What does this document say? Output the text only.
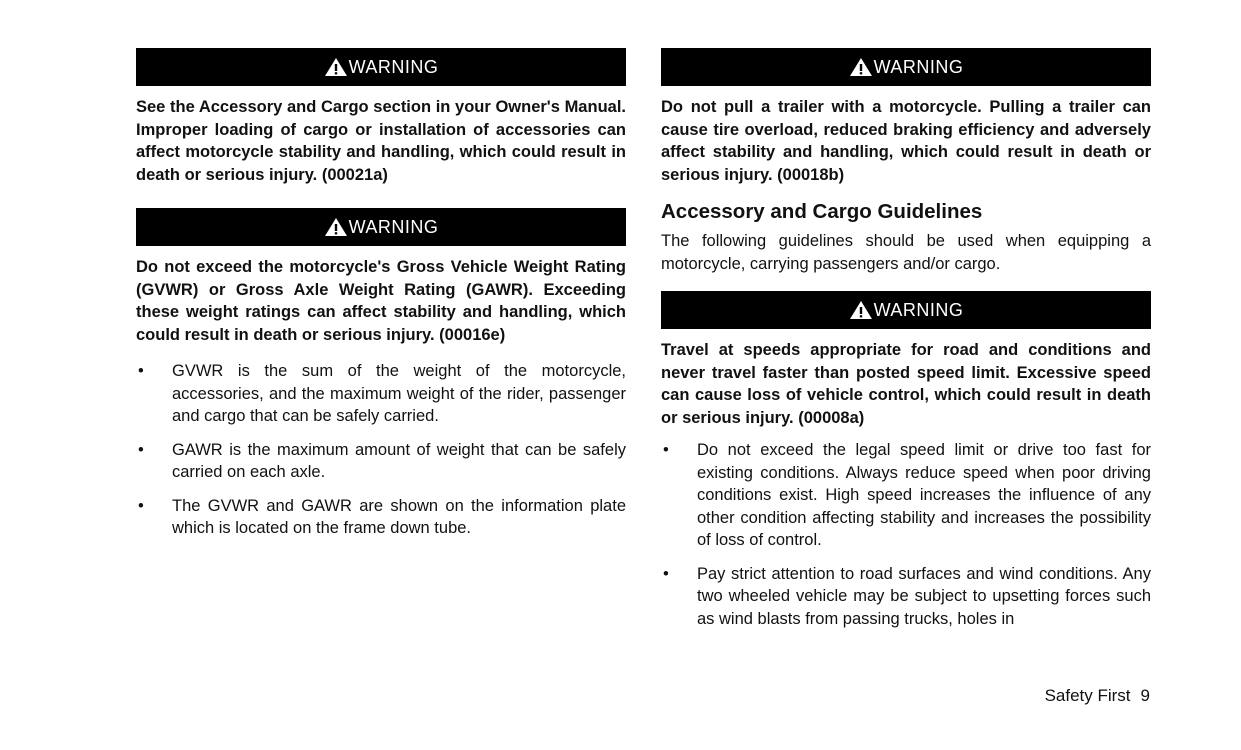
WARNING

See the Accessory and Cargo section in your Owner's Manual. Improper loading of cargo or installation of accessories can affect motorcycle stability and handling, which could result in death or serious injury. (00021a)

WARNING

Do not exceed the motorcycle's Gross Vehicle Weight Rating (GVWR) or Gross Axle Weight Rating (GAWR). Exceeding these weight ratings can affect stability and handling, which could result in death or serious injury. (00016e)

• GVWR is the sum of the weight of the motorcycle, accessories, and the maximum weight of the rider, passenger and cargo that can be safely carried.
• GAWR is the maximum amount of weight that can be safely carried on each axle.
• The GVWR and GAWR are shown on the information plate which is located on the frame down tube.
WARNING

Do not pull a trailer with a motorcycle. Pulling a trailer can cause tire overload, reduced braking efficiency and adversely affect stability and handling, which could result in death or serious injury. (00018b)

Accessory and Cargo Guidelines

The following guidelines should be used when equipping a motorcycle, carrying passengers and/or cargo.

WARNING

Travel at speeds appropriate for road and conditions and never travel faster than posted speed limit. Excessive speed can cause loss of vehicle control, which could result in death or serious injury. (00008a)

• Do not exceed the legal speed limit or drive too fast for existing conditions. Always reduce speed when poor driving conditions exist. High speed increases the influence of any other condition affecting stability and increases the possibility of loss of control.
• Pay strict attention to road surfaces and wind conditions. Any two wheeled vehicle may be subject to upsetting forces such as wind blasts from passing trucks, holes in
Safety First 9
